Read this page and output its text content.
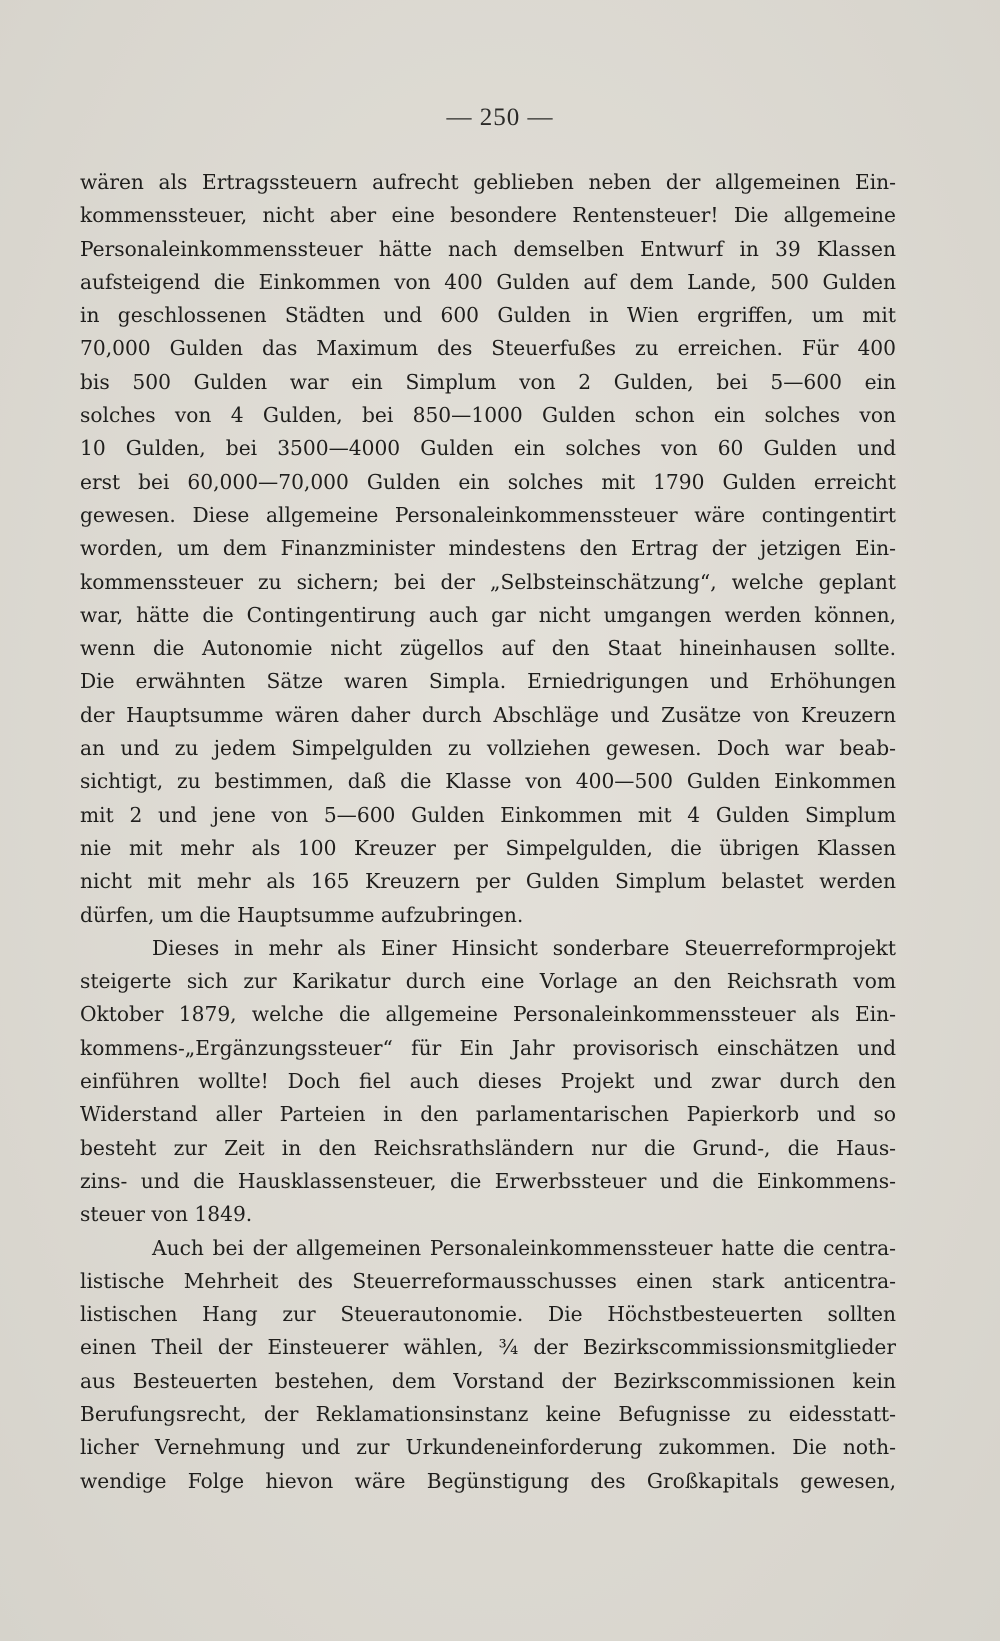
— 250 —
wären als Ertragssteuern aufrecht geblieben neben der allgemeinen Ein-
kommenssteuer, nicht aber eine besondere Rentensteuer! Die allgemeine
Personaleinkommenssteuer hätte nach demselben Entwurf in 39 Klassen
aufsteigend die Einkommen von 400 Gulden auf dem Lande, 500 Gulden
in geschlossenen Städten und 600 Gulden in Wien ergriffen, um mit
70,000 Gulden das Maximum des Steuerfußes zu erreichen. Für 400
bis 500 Gulden war ein Simplum von 2 Gulden, bei 5—600 ein
solches von 4 Gulden, bei 850—1000 Gulden schon ein solches von
10 Gulden, bei 3500—4000 Gulden ein solches von 60 Gulden und
erst bei 60,000—70,000 Gulden ein solches mit 1790 Gulden erreicht
gewesen. Diese allgemeine Personaleinkommenssteuer wäre contingentirt
worden, um dem Finanzminister mindestens den Ertrag der jetzigen Ein-
kommenssteuer zu sichern; bei der „Selbsteinschätzung“, welche geplant
war, hätte die Contingentirung auch gar nicht umgangen werden können,
wenn die Autonomie nicht zügellos auf den Staat hineinhausen sollte.
Die erwähnten Sätze waren Simpla. Erniedrigungen und Erhöhungen
der Hauptsumme wären daher durch Abschläge und Zusätze von Kreuzern
an und zu jedem Simpelgulden zu vollziehen gewesen. Doch war beab-
sichtigt, zu bestimmen, daß die Klasse von 400—500 Gulden Einkommen
mit 2 und jene von 5—600 Gulden Einkommen mit 4 Gulden Simplum
nie mit mehr als 100 Kreuzer per Simpelgulden, die übrigen Klassen
nicht mit mehr als 165 Kreuzern per Gulden Simplum belastet werden
dürfen, um die Hauptsumme aufzubringen.
Dieses in mehr als Einer Hinsicht sonderbare Steuerreformprojekt
steigerte sich zur Karikatur durch eine Vorlage an den Reichsrath vom
Oktober 1879, welche die allgemeine Personaleinkommenssteuer als Ein-
kommens-„Ergänzungssteuer“ für Ein Jahr provisorisch einschätzen und
einführen wollte! Doch fiel auch dieses Projekt und zwar durch den
Widerstand aller Parteien in den parlamentarischen Papierkorb und so
besteht zur Zeit in den Reichsrathsländern nur die Grund-, die Haus-
zins- und die Hausklassensteuer, die Erwerbssteuer und die Einkommens-
steuer von 1849.
Auch bei der allgemeinen Personaleinkommenssteuer hatte die centra-
listische Mehrheit des Steuerreformausschusses einen stark anticentra-
listischen Hang zur Steuerautonomie. Die Höchstbesteuerten sollten
einen Theil der Einsteuerer wählen, ¾ der Bezirkscommissionsmitglieder
aus Besteuerten bestehen, dem Vorstand der Bezirkscommissionen kein
Berufungsrecht, der Reklamationsinstanz keine Befugnisse zu eidesstatt-
licher Vernehmung und zur Urkundeneinforderung zukommen. Die noth-
wendige Folge hievon wäre Begünstigung des Großkapitals gewesen,
